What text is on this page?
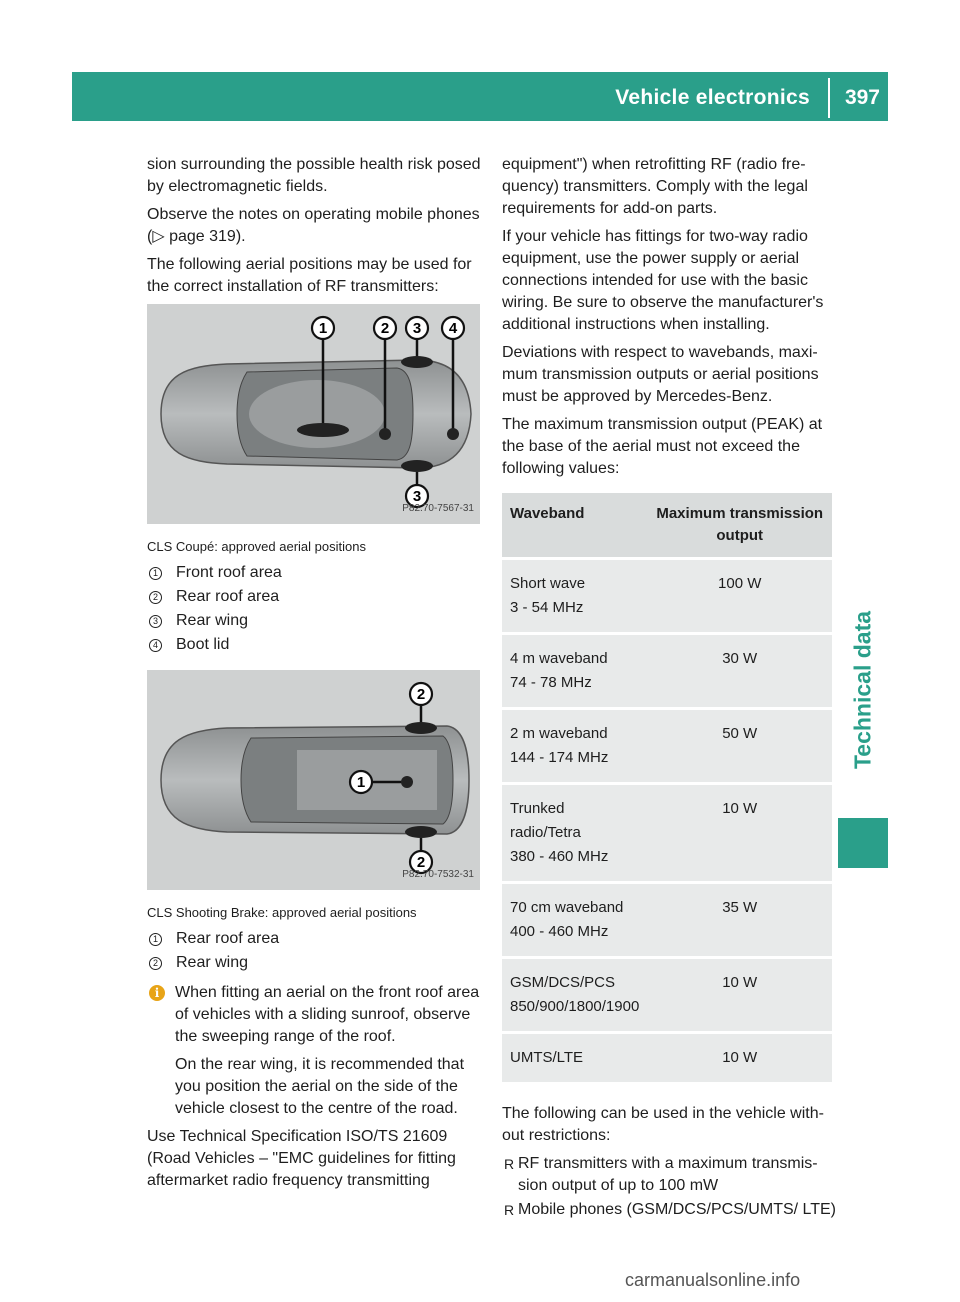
Vehicle electronics 397
Technical data

sion surrounding the possible health risk posed by electromagnetic fields.

Observe the notes on operating mobile phones (▷ page 319).

The following aerial positions may be used for the correct installation of RF transmitters:

1	2 3 4
3
P82.70-7567-31
CLS Coupé: approved aerial positions
1 Front roof area
2 Rear roof area
3 Rear wing
4 Boot lid
2
1
2
P82.70-7532-31
CLS Shooting Brake: approved aerial positions
1 Rear roof area
2 Rear wing
i When fitting an aerial on the front roof area of vehicles with a sliding sunroof, observe the sweeping range of the roof.

On the rear wing, it is recommended that you position the aerial on the side of the vehicle closest to the centre of the road.

Use Technical Specification ISO/TS 21609 (Road Vehicles – "EMC guidelines for fitting aftermarket radio frequency transmitting

equipment") when retrofitting RF (radio fre- quency) transmitters. Comply with the legal requirements for add-on parts.

If your vehicle has fittings for two-way radio equipment, use the power supply or aerial connections intended for use with the basic wiring. Be sure to observe the manufacturer's additional instructions when installing.

Deviations with respect to wavebands, maxi- mum transmission outputs or aerial positions must be approved by Mercedes-Benz.

The maximum transmission output (PEAK) at the base of the aerial must not exceed the following values:

Waveband	Maximum transmission output

Short wave
3 - 54 MHz	100 W

4 m waveband
74 - 78 MHz	30 W

2 m waveband
144 - 174 MHz	50 W

Trunked radio/Tetra
380 - 460 MHz	10 W

70 cm waveband
400 - 460 MHz	35 W

GSM/DCS/PCS
850/900/1800/1900	10 W

UMTS/LTE	10 W

The following can be used in the vehicle with- out restrictions:

R RF transmitters with a maximum transmis- sion output of up to 100 mW
R Mobile phones (GSM/DCS/PCS/UMTS/ LTE)
carmanualsonline.info
